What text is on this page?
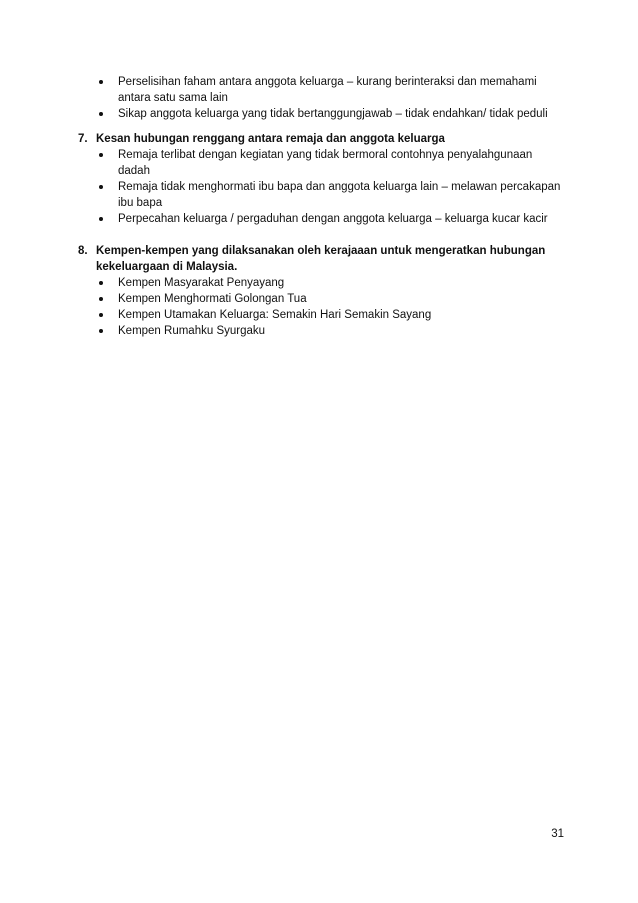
Perselisihan faham antara anggota keluarga – kurang berinteraksi dan memahami antara satu sama lain
Sikap anggota keluarga yang tidak bertanggungjawab – tidak endahkan/ tidak peduli
7. Kesan hubungan renggang antara remaja dan anggota keluarga
Remaja terlibat dengan kegiatan yang tidak bermoral contohnya penyalahgunaan dadah
Remaja tidak menghormati ibu bapa dan anggota keluarga lain – melawan percakapan ibu bapa
Perpecahan keluarga / pergaduhan dengan anggota keluarga – keluarga kucar kacir
8. Kempen-kempen yang dilaksanakan oleh kerajaaan untuk mengeratkan hubungan kekeluargaan di Malaysia.
Kempen Masyarakat Penyayang
Kempen Menghormati Golongan Tua
Kempen Utamakan Keluarga: Semakin Hari Semakin Sayang
Kempen Rumahku Syurgaku
31
